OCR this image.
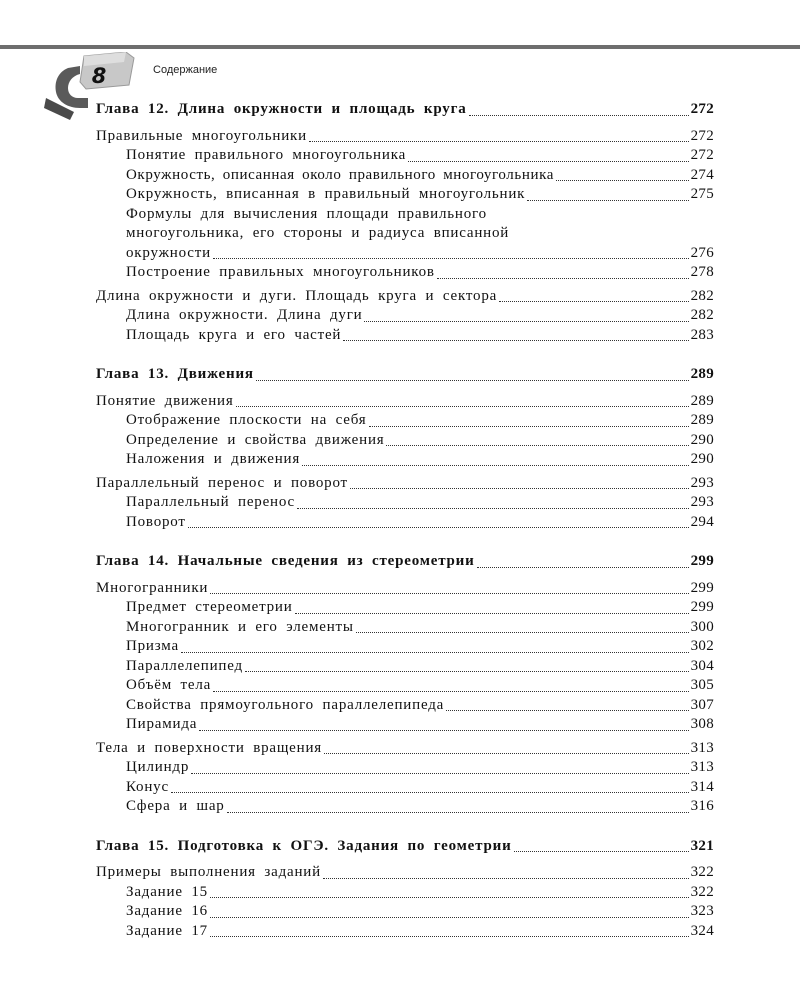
8	Содержание
Глава 12. Длина окружности и площадь круга	272
Правильные многоугольники	272
Понятие правильного многоугольника	272
Окружность, описанная около правильного многоугольника	274
Окружность, вписанная в правильный многоугольник	275
Формулы для вычисления площади правильного
многоугольника, его стороны и радиуса вписанной
окружности	276
Построение правильных многоугольников	278
Длина окружности и дуги. Площадь круга и сектора	282
Длина окружности. Длина дуги	282
Площадь круга и его частей	283
Глава 13. Движения	289
Понятие движения	289
Отображение плоскости на себя	289
Определение и свойства движения	290
Наложения и движения	290
Параллельный перенос и поворот	293
Параллельный перенос	293
Поворот	294
Глава 14. Начальные сведения из стереометрии	299
Многогранники	299
Предмет стереометрии	299
Многогранник и его элементы	300
Призма	302
Параллелепипед	304
Объём тела	305
Свойства прямоугольного параллелепипеда	307
Пирамида	308
Тела и поверхности вращения	313
Цилиндр	313
Конус	314
Сфера и шар	316
Глава 15. Подготовка к ОГЭ. Задания по геометрии	321
Примеры выполнения заданий	322
Задание 15	322
Задание 16	323
Задание 17	324
